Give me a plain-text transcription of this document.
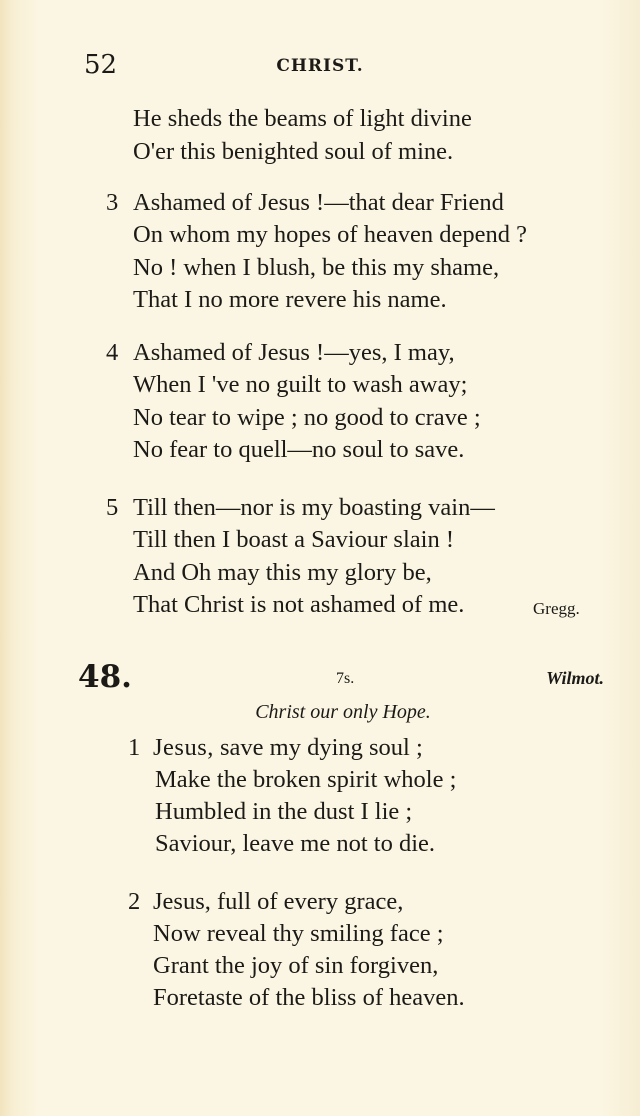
52	CHRIST.
He sheds the beams of light divine
O'er this benighted soul of mine.
3 Ashamed of Jesus !—that dear Friend
On whom my hopes of heaven depend ?
No ! when I blush, be this my shame,
That I no more revere his name.
4 Ashamed of Jesus !—yes, I may,
When I 've no guilt to wash away;
No tear to wipe ; no good to crave ;
No fear to quell—no soul to save.
5 Till then—nor is my boasting vain—
Till then I boast a Saviour slain !
And Oh may this my glory be,
That Christ is not ashamed of me.	Gregg.
48.	7s.	Wilmot.
Christ our only Hope.
1 Jesus, save my dying soul ;
Make the broken spirit whole ;
Humbled in the dust I lie ;
Saviour, leave me not to die.
2 Jesus, full of every grace,
Now reveal thy smiling face ;
Grant the joy of sin forgiven,
Foretaste of the bliss of heaven.
